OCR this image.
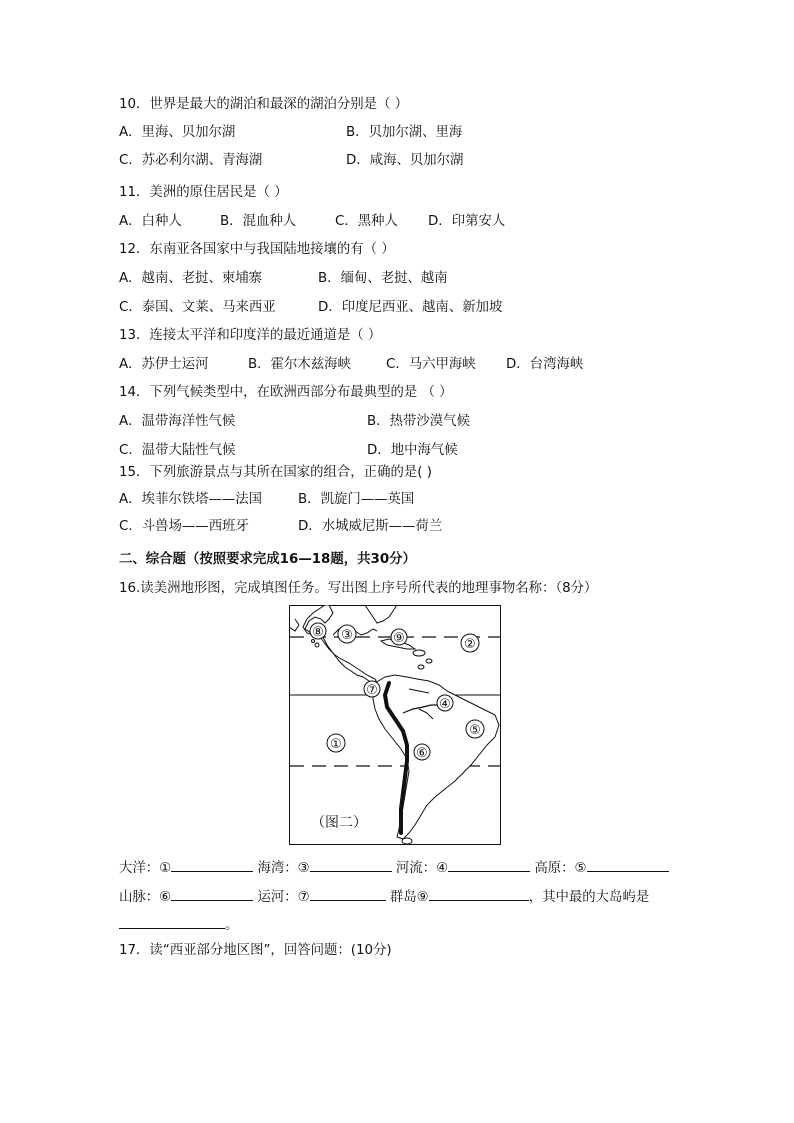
10．世界是最大的湖泊和最深的湖泊分别是（ ）
A．里海、贝加尔湖	B．贝加尔湖、里海
C．苏必利尔湖、青海湖	D．咸海、贝加尔湖
11．美洲的原住居民是（ ）
A．白种人	B．混血种人	C．黑种人 D．印第安人
12．东南亚各国家中与我国陆地接壤的有（ ）
A．越南、老挝、柬埔寨	B．缅甸、老挝、越南
C．泰国、文莱、马来西亚	D．印度尼西亚、越南、新加坡
13．连接太平洋和印度洋的最近通道是（ ）
A．苏伊士运河	B．霍尔木兹海峡	C．马六甲海峡 D．台湾海峡
14．下列气候类型中，在欧洲西部分布最典型的是 （ ）
A．温带海洋性气候	B．热带沙漠气候
C．温带大陆性气候	D．地中海气候
15．下列旅游景点与其所在国家的组合，正确的是( )
A．埃菲尔铁塔——法国	B．凯旋门——英国
C．斗兽场——西班牙	D．水城威尼斯——荷兰
二、综合题（按照要求完成16—18题，共30分）
16.读美洲地形图，完成填图任务。写出图上序号所代表的地理事物名称：（8分）
⑧ ③	⑨	②
⑦
④
⑤
①
⑥
（图二）
大洋：①	海湾：③	河流：④	高原：⑤
山脉：⑥	运河：⑦	群岛⑨	，其中最的大岛屿是
。
17．读“西亚部分地区图”，回答问题：(10分)
